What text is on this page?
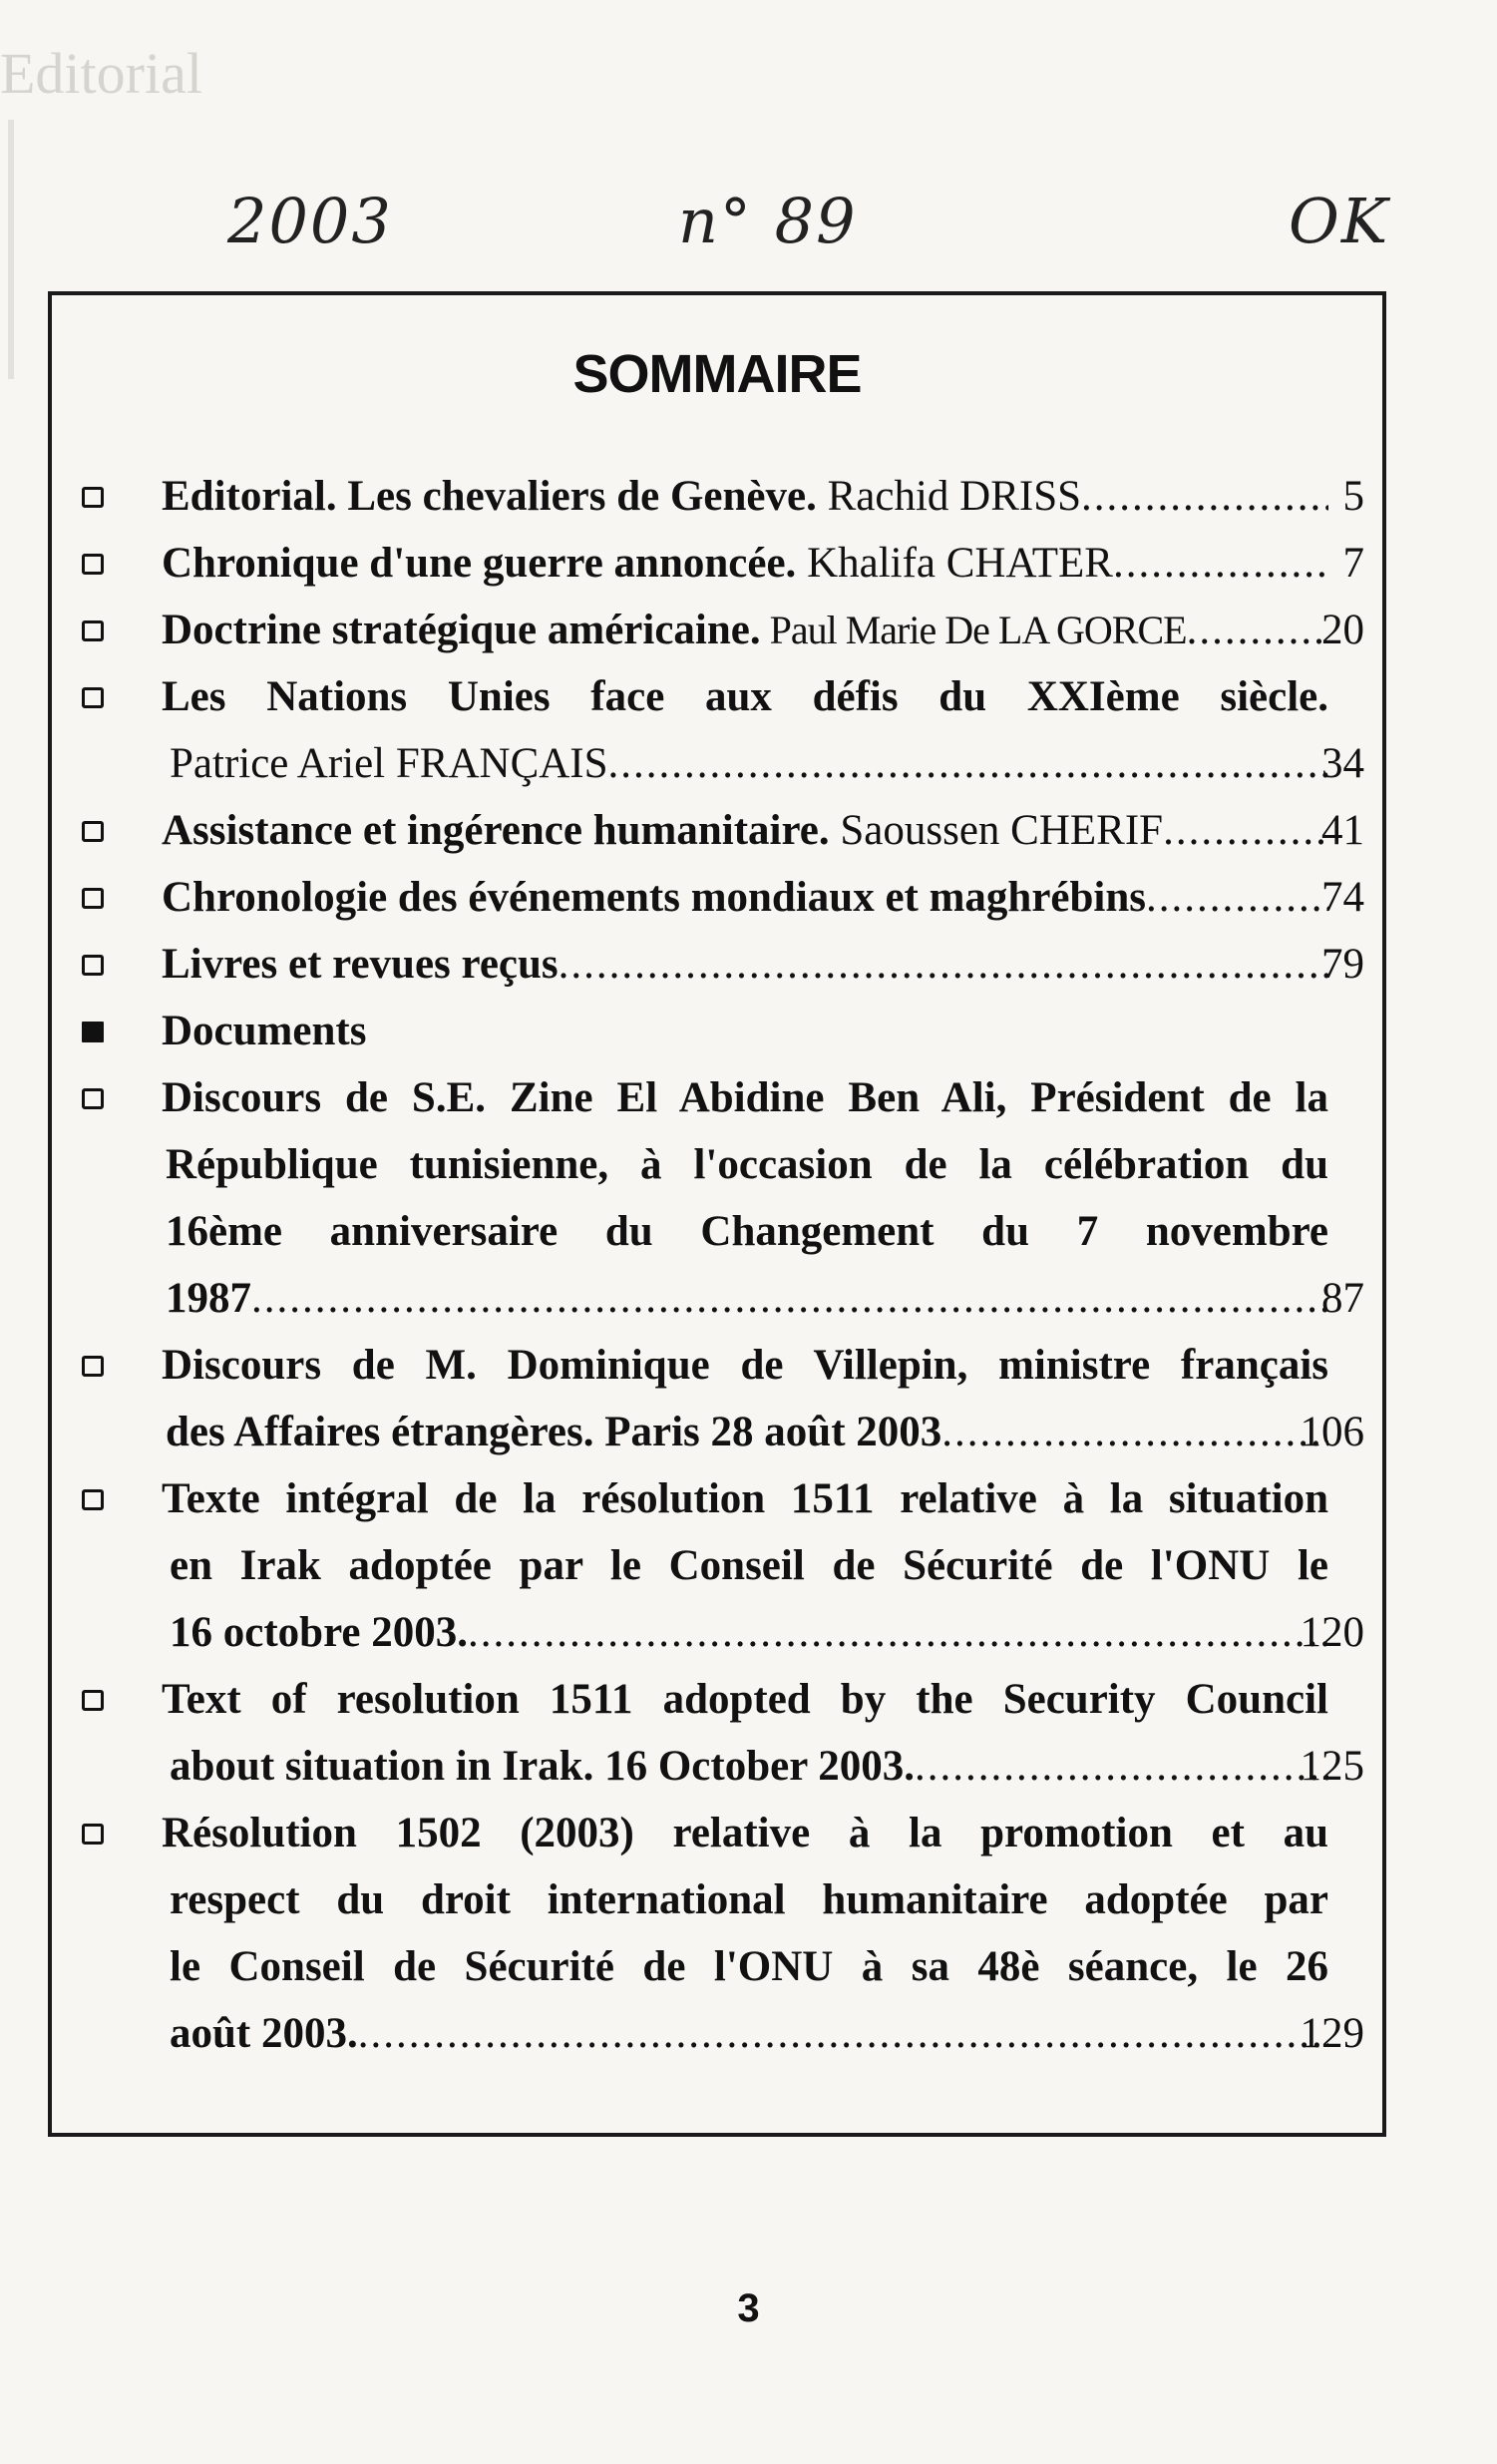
Editorial
2003	n° 89	OK
SOMMAIRE
Editorial. Les chevaliers de Genève. Rachid DRISS .....	5
Chronique d'une guerre annoncée. Khalifa CHATER .....	7
Doctrine stratégique américaine. Paul Marie De LA GORCE .....	20
Les Nations Unies face aux défis du XXIème siècle.
Patrice Ariel FRANÇAIS .....	34
Assistance et ingérence humanitaire. Saoussen CHERIF .....	41
Chronologie des événements mondiaux et maghrébins .....	74
Livres et revues reçus .....	79
Documents
Discours de S.E. Zine El Abidine Ben Ali, Président de la
République tunisienne, à l'occasion de la célébration du
16ème anniversaire du Changement du 7 novembre
1987 .....	87
Discours de M. Dominique de Villepin, ministre français
des Affaires étrangères. Paris 28 août 2003 .....	106
Texte intégral de la résolution 1511 relative à la situation
en Irak adoptée par le Conseil de Sécurité de l'ONU le
16 octobre 2003. .....	120
Text of resolution 1511 adopted by the Security Council
about situation in Irak. 16 October 2003. .....	125
Résolution 1502 (2003) relative à la promotion et au
respect du droit international humanitaire adoptée par
le Conseil de Sécurité de l'ONU à sa 48è séance, le 26
août 2003. .....	129
3
